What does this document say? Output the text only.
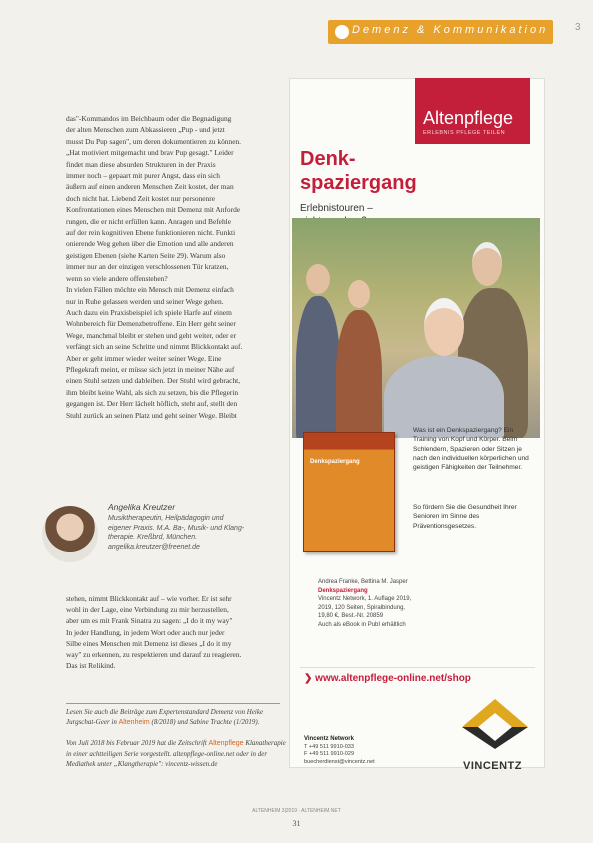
Demenz & Kommunikation	3

das"-Kommandos im Beichbaum oder die Begnadigung

der alten Menschen zum Abkassieren „Pup - und jetzt

musst Du Pup sagen", um deren dokumentieren zu können.

„Hat motiviert mitgemacht und brav Pup gesagt." Leider

findet man diese absurden Strukturen in der Praxis

immer noch – gepaart mit purer Angst, dass ein sich

äußern auf einen anderen Menschen Zeit kostet, der man

doch nicht hat. Liebend Zeit kostet nur personenre

Konfrontationen eines Menschen mit Demenz mit Anforde

rungen, die er nicht erfüllen kann. Anragen und Befehle

auf der rein kognitiven Ebene funktionieren nicht. Funkti

onierende Weg gehen über die Emotion und alle anderen

geistigen Ebenen (siehe Karten Seite 29). Warum also

immer nur an der einzigen verschlossenen Tür kratzen,

wenn so viele andere offenstehen?

In vielen Fällen möchte ein Mensch mit Demenz einfach

nur in Ruhe gelassen werden und seiner Wege gehen.

Auch dazu ein Praxisbeispiel ich spiele Harfe auf einem

Wohnbereich für Demenzbetroffene. Ein Herr geht seiner

Wege, manchmal bleibt er stehen und geht weiter, oder er

verfängt sich an seine Schritte und nimmt Blickkontakt auf.

Aber er geht immer wieder weiter seiner Wege. Eine

Pflegekraft meint, er müsse sich jetzt in meiner Nähe auf

einen Stuhl setzen und dableiben. Der Stuhl wird gebracht,

ihm bleibt keine Wahl, als sich zu setzen, bis die Pflegerin

gegangen ist. Der Herr lächelt höflich, steht auf, stellt den

Stuhl zurück an seinen Platz und geht seiner Wege. Bleibt

Angelika Kreutzer
Musiktherapeutin, Heilpädagogin und
eigener Praxis. M.A. Ba-, Musik- und Klang-
therapie. Kreßbrd, München.
angelika.kreutzer@freenet.de

stehen, nimmt Blickkontakt auf – wie vorher. Er ist sehr

wohl in der Lage, eine Verbindung zu mir herzustellen,

aber um es mit Frank Sinatra zu sagen: „I do it my way"

In jeder Handlung, in jedem Wort oder auch nur jeder

Silbe eines Menschen mit Demenz ist dieses „I do it my

way" zu erkennen, zu respektieren und darauf zu reagieren.

Das ist Relikind.

Lesen Sie auch die Beiträge zum Expertenstandard Demenz von Heike Jurgschat-Geer in Altenheim (8/2018) und Sabine Trachte (1/2019).
Von Juli 2018 bis Februar 2019 hat die Zeitschrift Altenpflege Klanatherapie in einer achtteiligen Serie vorgestellt. altenpflege-online.net oder in der Mediathek unter „Klangtherapie": vincentz-wissen.de
Altenpflege
ERLEBNIS PFLEGE TEILEN
Denk-
spaziergang
Erlebnistouren –
Denkspaziergang
Was ist ein Denkspaziergang? Ein Training von Kopf und Körper. Beim Schlendern, Spazieren oder Sitzen je nach den individuellen körperlichen und geistigen Fähigkeiten der Teilnehmer.
So fördern Sie die Gesundheit Ihrer Senioren im Sinne des Präventionsgesetzes.
Andrea Franke, Bettina M. Jasper
Denkspaziergang
Vincentz Network, 1. Auflage 2019,
2019, 120 Seiten, Spiralbindung,
19,80 €, Best.-Nr. 20859
Auch als eBook in PubI erhältlich
❯ www.altenpflege-online.net/shop
Vincentz Network
T +49 511 9910-033
F +49 511 9910-029
buecherdienst@vincentz.net	VINCENTZ
ALTENHEIM 3|2019 · ALTENHEIM.NET
31
